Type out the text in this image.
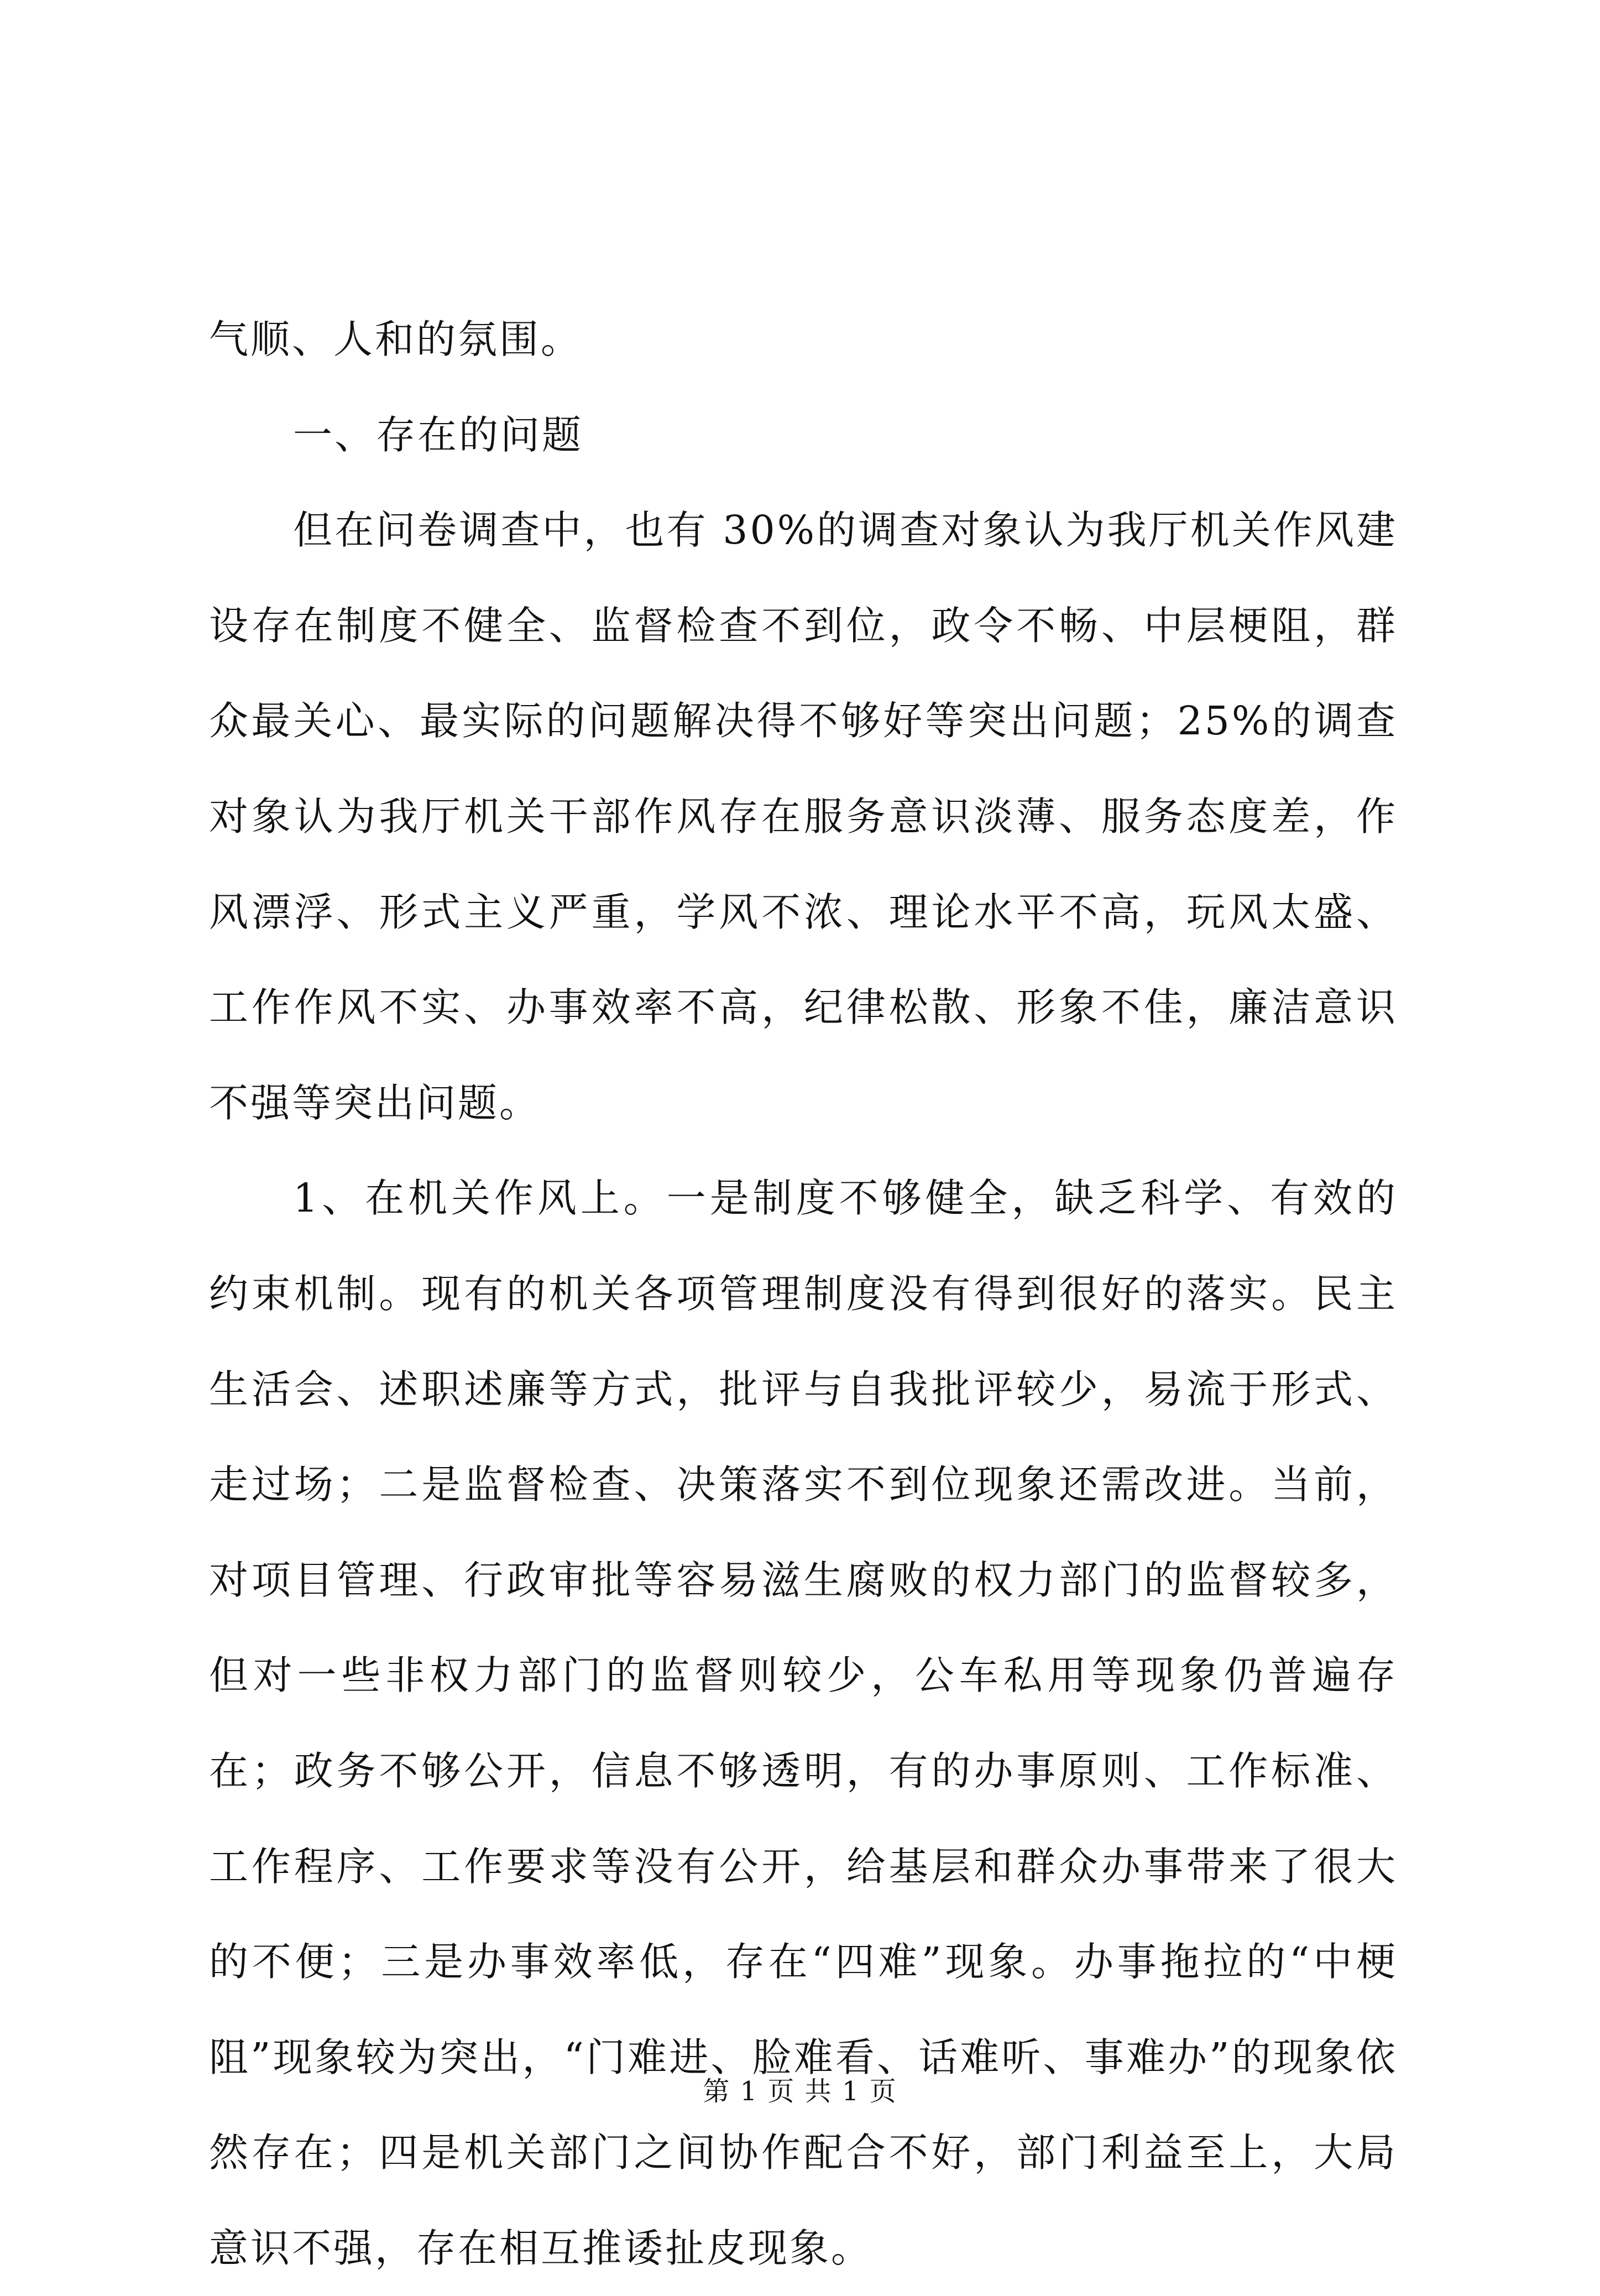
气顺、人和的氛围。

一、存在的问题

但在问卷调查中，也有 30%的调查对象认为我厅机关作风建设存在制度不健全、监督检查不到位，政令不畅、中层梗阻，群众最关心、最实际的问题解决得不够好等突出问题；25%的调查对象认为我厅机关干部作风存在服务意识淡薄、服务态度差，作风漂浮、形式主义严重，学风不浓、理论水平不高，玩风太盛、工作作风不实、办事效率不高，纪律松散、形象不佳，廉洁意识不强等突出问题。

1、在机关作风上。一是制度不够健全，缺乏科学、有效的约束机制。现有的机关各项管理制度没有得到很好的落实。民主生活会、述职述廉等方式，批评与自我批评较少，易流于形式、走过场；二是监督检查、决策落实不到位现象还需改进。当前，对项目管理、行政审批等容易滋生腐败的权力部门的监督较多，但对一些非权力部门的监督则较少，公车私用等现象仍普遍存在；政务不够公开，信息不够透明，有的办事原则、工作标准、工作程序、工作要求等没有公开，给基层和群众办事带来了很大的不便；三是办事效率低，存在“四难”现象。办事拖拉的“中梗阻”现象较为突出，“门难进、脸难看、话难听、事难办”的现象依然存在；四是机关部门之间协作配合不好，部门利益至上，大局意识不强，存在相互推诿扯皮现象。

第 1 页 共 1 页
